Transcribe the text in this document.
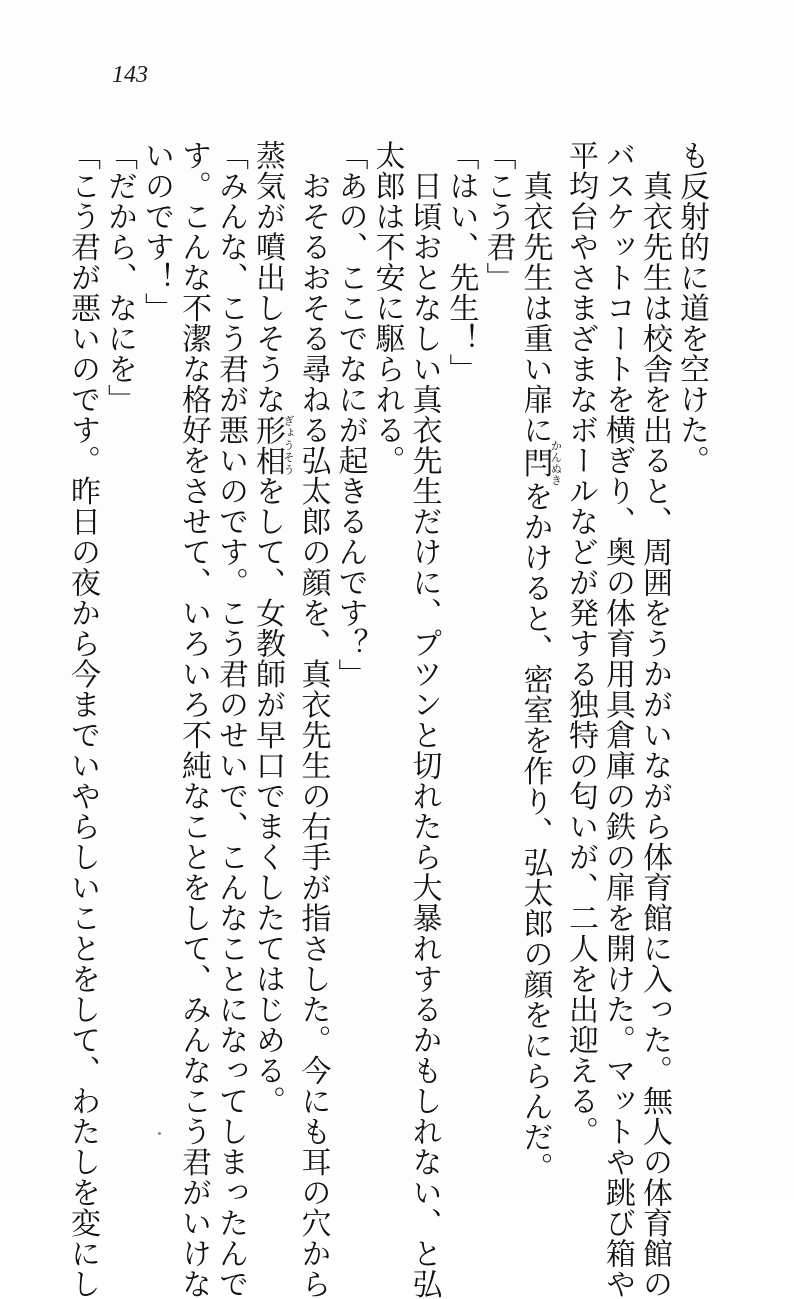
143
も反射的に道を空けた。
　真衣先生は校舎を出ると、周囲をうかがいながら体育館に入った。無人の体育館の
バスケットコートを横ぎり、奥の体育用具倉庫の鉄の扉を開けた。マットや跳び箱や
平均台やさまざまなボールなどが発する独特の匂いが、二人を出迎える。
　真衣先生は重い扉に閂かんぬきをかけると、密室を作り、弘太郎の顔をにらんだ。
「こう君」
「はい、先生！」
　日頃おとなしい真衣先生だけに、プツンと切れたら大暴れするかもしれない、と弘
太郎は不安に駆られる。
「あの、ここでなにが起きるんです？」
　おそるおそる尋ねる弘太郎の顔を、真衣先生の右手が指さした。今にも耳の穴から
蒸気が噴出しそうな形相ぎょうそうをして、女教師が早口でまくしたてはじめる。
「みんな、こう君が悪いのです。こう君のせいで、こんなことになってしまったんで
す。こんな不潔な格好をさせて、いろいろ不純なことをして、みんなこう君がいけな
いのです！」
「だから、なにを」
「こう君が悪いのです。昨日の夜から今までいやらしいことをして、わたしを変にし
